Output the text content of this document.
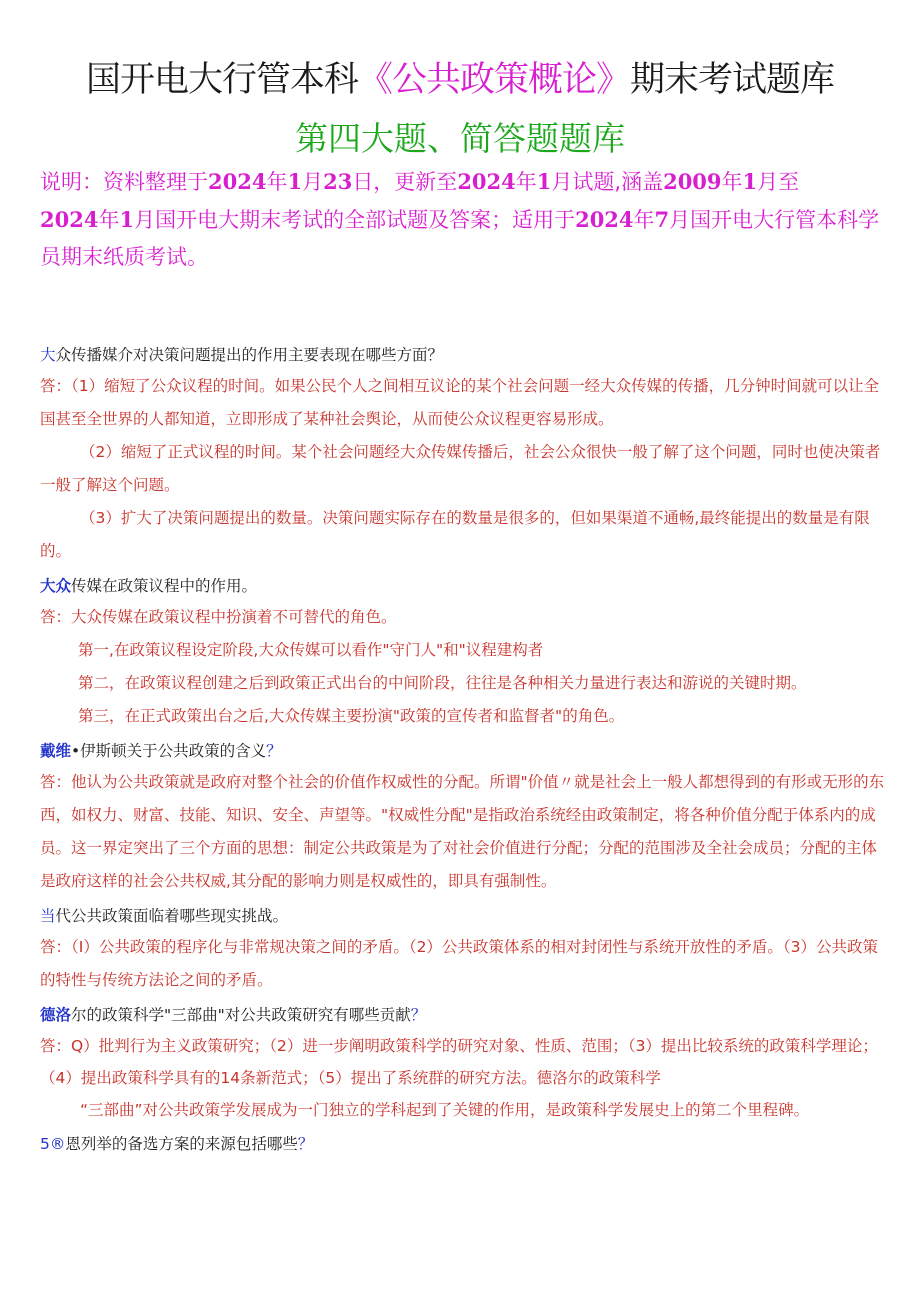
国开电大行管本科《公共政策概论》期末考试题库
第四大题、简答题题库
说明：资料整理于2024年1月23日，更新至2024年1月试题,涵盖2009年1月至
2024年1月国开电大期末考试的全部试题及答案；适用于2024年7月国开电大行管本科学员期末纸质考试。
大众传播媒介对决策问题提出的作用主要表现在哪些方面？
答：（1）缩短了公众议程的时间。如果公民个人之间相互议论的某个社会问题一经大众传媒的传播，几分钟时间就可以让全国甚至全世界的人都知道，立即形成了某种社会舆论，从而使公众议程更容易形成。
（2）缩短了正式议程的时间。某个社会问题经大众传媒传播后，社会公众很快一般了解了这个问题，同时也使决策者一般了解这个问题。
（3）扩大了决策问题提出的数量。决策问题实际存在的数量是很多的，但如果渠道不通畅,最终能提出的数量是有限的。
大众传媒在政策议程中的作用。
答：大众传媒在政策议程中扮演着不可替代的角色。
第一,在政策议程设定阶段,大众传媒可以看作"守门人"和"议程建构者
第二，在政策议程创建之后到政策正式出台的中间阶段，往往是各种相关力量进行表达和游说的关键时期。
第三，在正式政策出台之后,大众传媒主要扮演"政策的宣传者和监督者"的角色。
戴维•伊斯顿关于公共政策的含义？
答：他认为公共政策就是政府对整个社会的价值作权威性的分配。所谓"价值〃就是社会上一般人都想得到的有形或无形的东西，如权力、财富、技能、知识、安全、声望等。"权威性分配"是指政治系统经由政策制定，将各种价值分配于体系内的成员。这一界定突出了三个方面的思想：制定公共政策是为了对社会价值进行分配；分配的范围涉及全社会成员；分配的主体是政府这样的社会公共权威,其分配的影响力则是权威性的，即具有强制性。
当代公共政策面临着哪些现实挑战。
答：（I）公共政策的程序化与非常规决策之间的矛盾。（2）公共政策体系的相对封闭性与系统开放性的矛盾。（3）公共政策的特性与传统方法论之间的矛盾。
德洛尔的政策科学"三部曲"对公共政策研究有哪些贡献？
答：Q）批判行为主义政策研究；（2）进一步阐明政策科学的研究对象、性质、范围；（3）提出比较系统的政策科学理论；（4）提出政策科学具有的14条新范式；（5）提出了系统群的研究方法。德洛尔的政策科学
“三部曲”对公共政策学发展成为一门独立的学科起到了关键的作用，是政策科学发展史上的第二个里程碑。
5®恩列举的备选方案的来源包括哪些？
